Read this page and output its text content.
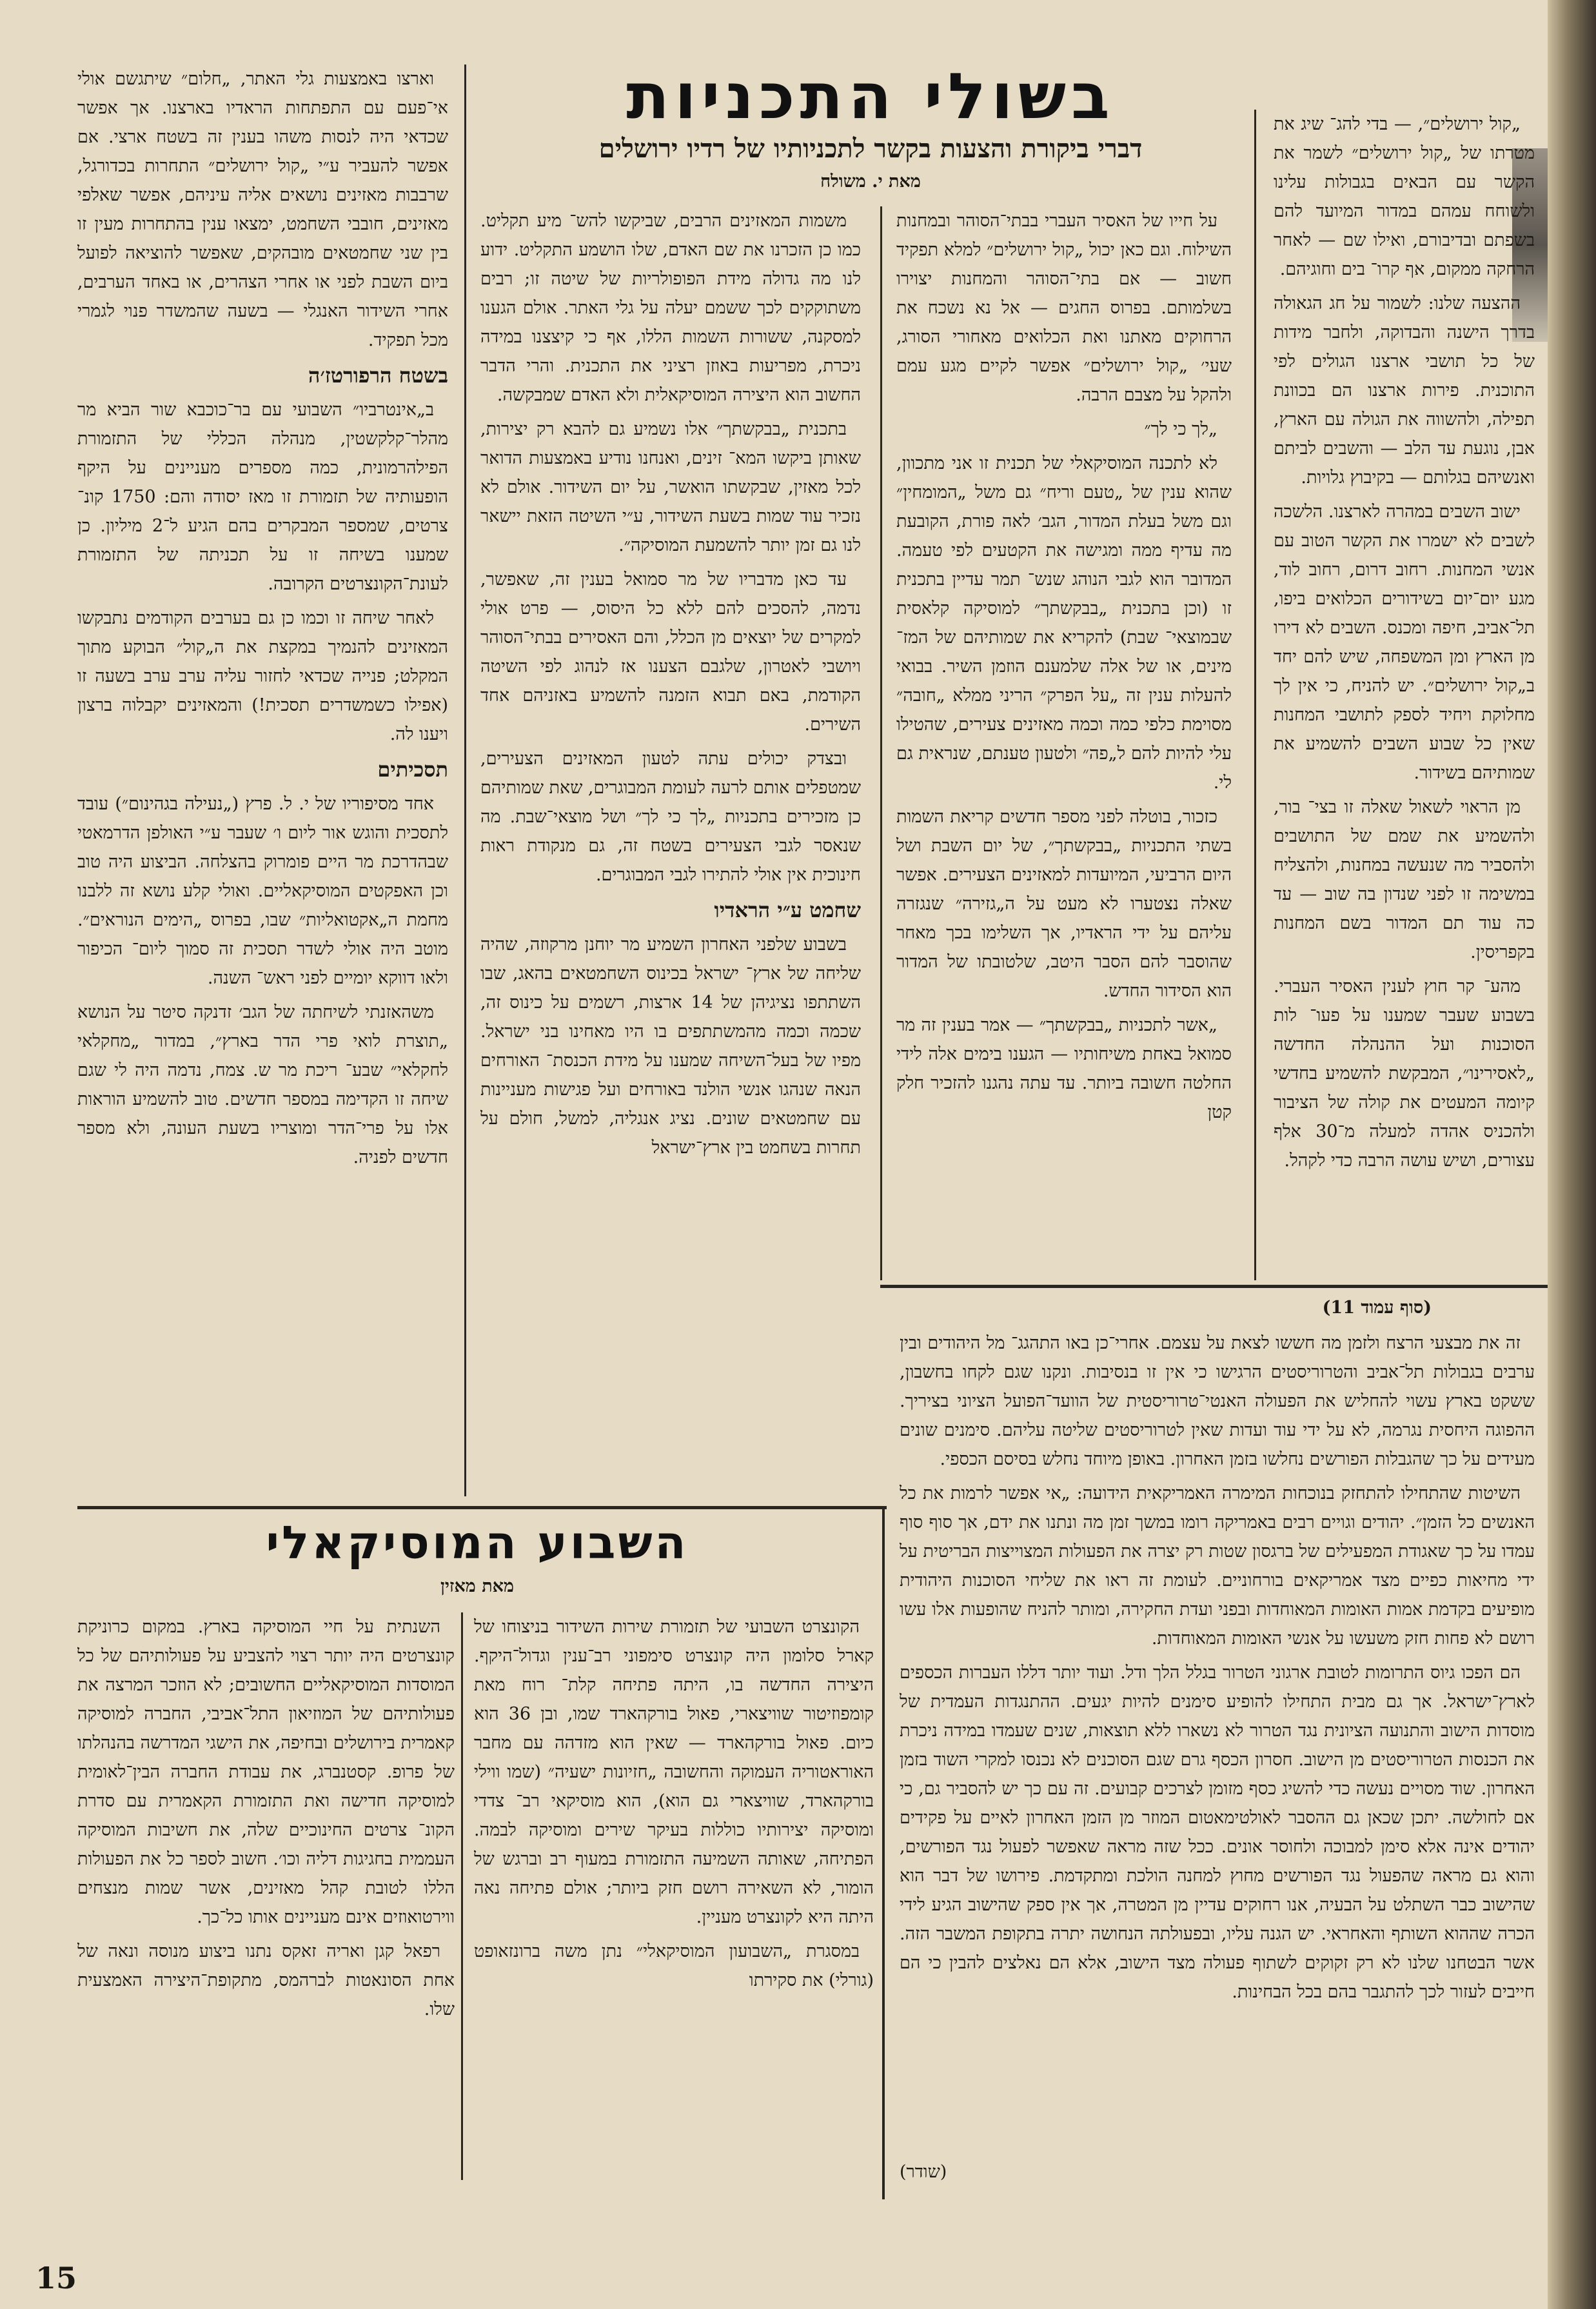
בשולי התכניות
דברי ביקורת והצעות בקשר לתכניותיו של רדיו ירושלים
מאת י. משולח

„קול ירושלים״, — בדי להג־ שיג את מטרתו של „קול ירושלים״ לשמר את הקשר עם הבאים בגבולות עלינו ולשוחח עמהם במדור המיועד להם בשפתם ובדיבורם, ואילו שם — לאחר הרחקה ממקום, אף קרו־ בים וחוגיהם.

ההצעה שלנו: לשמור על חג הגאולה בדרך הישנה והבדוקה, ולחבר מידות של כל תושבי ארצנו הגולים לפי התוכנית. פירות ארצנו הם בכוונת תפילה, ולהשווה את הגולה עם הארץ, אבן, נוגעת עד הלב — והשבים לביתם ואנשיהם בגלותם — בקיבוץ גלויות.

ישוב השבים במהרה לארצנו. הלשכה לשבים לא ישמרו את הקשר הטוב עם אנשי המחנות. רחוב דרום, רחוב לוד, מגע יום־יום בשידורים הכלואים ביפו, תל־אביב, חיפה ומכנס. השבים לא דירו מן הארץ ומן המשפחה, שיש להם יחד ב„קול ירושלים״. יש להניח, כי אין לך מחלוקת ויחיד לספק לתושבי המחנות שאין כל שבוע השבים להשמיע את שמותיהם בשידור.

מן הראוי לשאול שאלה זו בצי־ בור, ולהשמיע את שמם של התושבים ולהסביר מה שנעשה במחנות, ולהצליח במשימה זו לפני שנדון בה שוב — עד כה עוד תם המדור בשם המחנות בקפריסין.

מהע־ קר חוץ לענין האסיר העברי. בשבוע שעבר שמענו על פעו־ לות הסוכנות ועל ההנהלה החדשה „לאסירינו״, המבקשת להשמיע בחדשי קיומה המעטים את קולה של הציבור ולהכניס אהדה למעלה מ־30 אלף עצורים, ושיש עושה הרבה כדי לקהל.

על חייו של האסיר העברי בבתי־הסוהר ובמחנות השילוח. וגם כאן יכול „קול ירושלים״ למלא תפקיד חשוב — אם בתי־הסוהר והמחנות יצוירו בשלמותם. בפרוס החגים — אל נא נשכח את הרחוקים מאתנו ואת הכלואים מאחורי הסורג, שעי׳ „קול ירושלים״ אפשר לקיים מגע עמם ולהקל על מצבם הרבה.

„לך כי לך״

לא לתכנה המוסיקאלי של תכנית זו אני מתכוון, שהוא ענין של „טעם וריח״ גם משל „המומחין״ וגם משל בעלת המדור, הגב׳ לאה פורת, הקובעת מה עדיף ממה ומגישה את הקטעים לפי טעמה. המדובר הוא לגבי הנוהג שנש־ תמר עדיין בתכנית זו (וכן בתכנית „בבקשתך״ למוסיקה קלאסית שבמוצאי־ שבת) להקריא את שמותיהם של המז־ מינים, או של אלה שלמענם הוזמן השיר. בבואי להעלות ענין זה „על הפרק״ הריני ממלא „חובה״ מסוימת כלפי כמה וכמה מאזינים צעירים, שהטילו עלי להיות להם ל„פה״ ולטעון טענתם, שנראית גם לי.

כזכור, בוטלה לפני מספר חדשים קריאת השמות בשתי התכניות „בבקשתך״, של יום השבת ושל היום הרביעי, המיועדות למאזינים הצעירים. אפשר שאלה נצטערו לא מעט על ה„גזירה״ שנגזרה עליהם על ידי הראדיו, אך השלימו בכך מאחר שהוסבר להם הסבר היטב, שלטובתו של המדור הוא הסידור החדש.

„אשר לתכניות „בבקשתך״ — אמר בענין זה מר סמואל באחת משיחותיו — הגענו בימים אלה לידי החלטה חשובה ביותר. עד עתה נהגנו להזכיר חלק קטן

משמות המאזינים הרבים, שביקשו להש־ מיע תקליט. כמו כן הזכרנו את שם האדם, שלו הושמע התקליט. ידוע לנו מה גדולה מידת הפופולריות של שיטה זו; רבים משתוקקים לכך ששמם יעלה על גלי האתר. אולם הגענו למסקנה, ששורות השמות הללו, אף כי קיצצנו במידה ניכרת, מפריעות באוזן רציני את התכנית. והרי הדבר החשוב הוא היצירה המוסיקאלית ולא האדם שמבקשה.

בתכנית „בבקשתך״ אלו נשמיע גם להבא רק יצירות, שאותן ביקשו המא־ זינים, ואנחנו נודיע באמצעות הדואר לכל מאזין, שבקשתו הואשר, על יום השידור. אולם לא נזכיר עוד שמות בשעת השידור, ע״י השיטה הזאת יישאר לנו גם זמן יותר להשמעת המוסיקה״.

עד כאן מדבריו של מר סמואל בענין זה, שאפשר, נדמה, להסכים להם ללא כל היסוס, — פרט אולי למקרים של יוצאים מן הכלל, והם האסירים בבתי־הסוהר ויושבי לאטרון, שלגבם הצענו אז לנהוג לפי השיטה הקודמת, באם תבוא הזמנה להשמיע באזניהם אחד השירים.

ובצדק יכולים עתה לטעון המאזינים הצעירים, שמטפלים אותם לרעה לעומת המבוגרים, שאת שמותיהם כן מזכירים בתכניות „לך כי לך״ ושל מוצאי־שבת. מה שנאסר לגבי הצעירים בשטח זה, גם מנקודת ראות חינוכית אין אולי להתירו לגבי המבוגרים.

שחמט ע״י הראדיו

בשבוע שלפני האחרון השמיע מר יוחנן מרקוזה, שהיה שליחה של ארץ־ ישראל בכינוס השחמטאים בהאג, שבו השתתפו נציגיהן של 14 ארצות, רשמים על כינוס זה, שכמה וכמה מהמשתתפים בו היו מאחינו בני ישראל. מפיו של בעל־השיחה שמענו על מידת הכנסת־ האורחים הנאה שנהגו אנשי הולנד באורחים ועל פגישות מעניינות עם שחמטאים שונים. נציג אנגליה, למשל, חולם על תחרות בשחמט בין ארץ־ישראל

וארצו באמצעות גלי האתר, „חלום״ שיתגשם אולי אי־פעם עם התפתחות הראדיו בארצנו. אך אפשר שכדאי היה לנסות משהו בענין זה בשטח ארצי. אם אפשר להעביר ע״י „קול ירושלים״ התחרות בכדורגל, שרבבות מאזינים נושאים אליה עיניהם, אפשר שאלפי מאזינים, חובבי השחמט, ימצאו ענין בהתחרות מעין זו בין שני שחמטאים מובהקים, שאפשר להוציאה לפועל ביום השבת לפני או אחרי הצהרים, או באחד הערבים, אחרי השידור האנגלי — בשעה שהמשדר פנוי לגמרי מכל תפקיד.

בשטח הרפורטז׳ה

ב„אינטרביו״ השבועי עם בר־כוכבא שור הביא מר מהלר־קלקשטין, מנהלה הכללי של התזמורת הפילהרמונית, כמה מספרים מעניינים על היקף הופעותיה של תזמורת זו מאז יסודה והם: 1750 קונ־ צרטים, שמספר המבקרים בהם הגיע ל־2 מיליון. כן שמענו בשיחה זו על תכניתה של התזמורת לעונת־הקונצרטים הקרובה.

לאחר שיחה זו וכמו כן גם בערבים הקודמים נתבקשו המאזינים להנמיך במקצת את ה„קול״ הבוקע מתוך המקלט; פנייה שכדאי לחזור עליה ערב ערב בשעה זו (אפילו כשמשדרים תסכית!) והמאזינים יקבלוה ברצון ויענו לה.

תסכיתים

אחד מסיפוריו של י. ל. פרץ („נעילה בגהינום״) עובד לתסכית והוגש אור ליום ו׳ שעבר ע״י האולפן הדרמאטי שבהדרכת מר היים פומרוק בהצלחה. הביצוע היה טוב וכן האפקטים המוסיקאליים. ואולי קלע נושא זה ללבנו מחמת ה„אקטואליות״ שבו, בפרוס „הימים הנוראים״. מוטב היה אולי לשדר תסכית זה סמוך ליום־ הכיפור ולאו דווקא יומיים לפני ראש־ השנה.

משהאזנתי לשיחתה של הגב׳ זדנקה סיטר על הנושא „תוצרת לואי פרי הדר בארץ״, במדור „מחקלאי לחקלאי״ שבע־ ריכת מר ש. צמח, נדמה היה לי שגם שיחה זו הקדימה במספר חדשים. טוב להשמיע הוראות אלו על פרי־הדר ומוצריו בשעת העונה, ולא מספר חדשים לפניה.

(סוף עמוד 11)

זה את מבצעי הרצח ולזמן מה חששו לצאת על עצמם. אחרי־כן באו התהגג־ מל היהודים ובין ערבים בגבולות תל־אביב והטרוריסטים הרגישו כי אין זו בנסיבות. ונקנו שגם לקחו בחשבון, ששקט בארץ עשוי להחליש את הפעולה האנטי־טרוריסטית של הוועד־הפועל הציוני בציריך. ההפוגה היחסית נגרמה, לא על ידי עוד ועדות שאין לטרוריסטים שליטה עליהם. סימנים שונים מעידים על כך שהגבלות הפורשים נחלשו בזמן האחרון. באופן מיוחד נחלש בסיסם הכספי.

השיטות שהתחילו להתחזק בנוכחות המימרה האמריקאית הידועה: „אי אפשר לרמות את כל האנשים כל הזמן״. יהודים וגויים רבים באמריקה רומו במשך זמן מה ונתנו את ידם, אך סוף סוף עמדו על כך שאגודת המפעילים של ברגסון שטות רק יצרה את הפעולות המצוייצות הבריטית על ידי מחיאות כפיים מצד אמריקאים בורחוניים. לעומת זה ראו את שליחי הסוכנות היהודית מופיעים בקדמת אמות האומות המאוחדות ובפני ועדת החקירה, ומותר להניח שהופעות אלו עשו רושם לא פחות חזק משעשו על אנשי האומות המאוחדות.

הם הפכו גיוס התרומות לטובת ארגוני הטרור בגלל הלך ודל. ועוד יותר דללו העברות הכספים לארץ־ישראל. אך גם מבית התחילו להופיע סימנים להיות יגעים. ההתנגדות העמדית של מוסדות הישוב והתנועה הציונית נגד הטרור לא נשארו ללא תוצאות, שנים שעמדו במידה ניכרת את הכנסות הטרוריסטים מן הישוב. חסרון הכסף גרם שגם הסוכנים לא נכנסו למקרי השוד בזמן האחרון. שוד מסויים נעשה כדי להשיג כסף מזומן לצרכים קבועים. זה עם כך יש להסביר גם, כי אם לחולשה. יתכן שכאן גם ההסבר לאולטימאטום המוזר מן הזמן האחרון לאיים על פקידים יהודים אינה אלא סימן למבוכה ולחוסר אונים. ככל שזה מראה שאפשר לפעול נגד הפורשים, והוא גם מראה שהפעול נגד הפורשים מחוץ למחנה הולכת ומתקדמת. פירושו של דבר הוא שהישוב כבר השתלט על הבעיה, אנו רחוקים עדיין מן המטרה, אך אין ספק שהישוב הגיע לידי הכרה שההוא השותף והאחראי. יש הגנה עליו, ובפעולתה הנחושה יתרה בתקופת המשבר הזה. אשר הבטחנו שלנו לא רק זקוקים לשתוף פעולה מצד הישוב, אלא הם נאלצים להבין כי הם חייבים לעזור לכך להתגבר בהם בכל הבחינות.

(שודר)
השבוע המוסיקאלי
מאת מאזין

הקונצרט השבועי של תזמורת שירות השידור בניצוחו של קארל סלומון היה קונצרט סימפוני רב־ענין וגדול־היקף. היצירה החדשה בו, היתה פתיחה קלת־ רוח מאת קומפוזיטור שוויצארי, פאול בורקהארד שמו, ובן 36 הוא כיום. פאול בורקהארד — שאין הוא מזדהה עם מחבר האוראטוריה העמוקה והחשובה „חזיונות ישעיה״ (שמו ווילי בורקהארד, שוויצארי גם הוא), הוא מוסיקאי רב־ צדדי ומוסיקה יצירותיו כוללות בעיקר שירים ומוסיקה לבמה. הפתיחה, שאותה השמיעה התזמורת במעוף רב וברגש של הומור, לא השאירה רושם חזק ביותר; אולם פתיחה נאה היתה היא לקונצרט מעניין.

במסגרת „השבועון המוסיקאלי״ נתן משה ברונזאופט (גורלי) את סקירתו

השנתית על חיי המוסיקה בארץ. במקום כרוניקת קונצרטים היה יותר רצוי להצביע על פעולותיהם של כל המוסדות המוסיקאליים החשובים; לא הוזכר המרצה את פעולותיהם של המוזיאון התל־אביבי, החברה למוסיקה קאמרית בירושלים ובחיפה, את הישגי המדרשה בהנהלתו של פרופ. קסטנברג, את עבודת החברה הבין־לאומית למוסיקה חדישה ואת התזמורת הקאמרית עם סדרת הקונ־ צרטים החינוכיים שלה, את חשיבות המוסיקה העממית בחגיגות דליה וכו׳. חשוב לספר כל את הפעולות הללו לטובת קהל מאזינים, אשר שמות מנצחים ווירטואוזים אינם מעניינים אותו כל־כך.

רפאל קגן ואריה זאקס נתנו ביצוע מנוסה ונאה של אחת הסונאטות לברהמס, מתקופת־היצירה האמצעית שלו.

15
